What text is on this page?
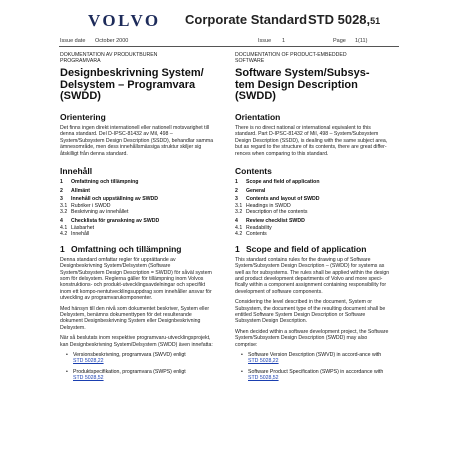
VOLVO Corporate Standard STD 5028,51
Issue date October 2000	Issue 1	Page 1(11)
DOKUMENTATION AV PRODUKTBUREN
PROGRAMVARA
Designbeskrivning System/
Delsystem – Programvara
(SWDD)
Orientering

Det finns ingen direkt internationell eller nationell motsvarighet till denna standard. Del D-IPSC-81432 av Mil, 498 – System/Subsystem Design Description (SSDD), behandlar samma ämnesområde, men dess innehållsmässiga struktur skiljer sig åtskilligt från denna standard.

Innehåll
1	Omfattning och tillämpning
2	Allmänt
3	Innehåll och uppställning av SWDD
3.1 Rubriker i SWDD
3.2 Beskrivning av innehållet
4	Checklista för granskning av SWDD
4.1 Läsbarhet
4.2 Innehåll
1 Omfattning och tillämpning

Denna standard omfattar regler för upprättande av Designbeskrivning System/Delsystem (Software System/Subsystem Design Description = SWDD) för såväl system som för delsystem. Reglerna gäller för tillämpning inom Volvos konstruktions- och produkt-utvecklingsavdelningar och specifikt inom ett kompo-nentutvecklingsuppdrag som innehåller ansvar för utveckling av programvarukomponenter.

Med hänsyn till den nivå som dokumentet beskriver, System eller Delsystem, benämns dokumenttypen för det resulterande dokument Designbeskrivning System eller Designbeskrivning Delsystem.

När så beslutats inom respektive programvaru-utvecklingsprojekt, kan Designbeskrivning System/Delsystem (SWDD) även innefatta:

• Versionsbeskrivning, programvara (SWVD) enligt
STD 5028,22
• Produktspecifikation, programvara (SWPS) enligt
STD 5028,52
DOCUMENTATION OF PRODUCT-EMBEDDED
SOFTWARE
Software System/Subsys-
tem Design Description
(SWDD)
Orientation

There is no direct national or international equivalent to this standard. Part D-IPSC-81432 of Mil, 498 – System/Subsystem Design Description (SSDD), is dealing with the same subject area, but as regard to the structure of its contents, there are great differ-rences when comparing to this standard.

Contents
1	Scope and field of application
2	General
3	Contents and layout of SWDD
3.1 Headings in SWDD
3.2 Description of the contents
4	Review checklist SWDD
4.1 Readability
4.2 Contents
1 Scope and field of application

This standard contains rules for the drawing up of Software System/Subsystem Design Description – (SWDD) for systems as well as for subsystems. The rules shall be applied within the design and product development departments of Volvo and more speci-fically within a component assignment containing responsibility for development of software components.

Considering the level described in the document, System or Subsystem, the document type of the resulting document shall be entitled Software System Design Description or Software Subsystem Design Description.

When decided within a software development project, the Software System/Subsystem Design Description (SWDD) may also comprise:

• Software Version Description (SWVD) in accord-ance with
STD 5028,22
• Software Product Specification (SWPS) in accordance with
STD 5028,52
